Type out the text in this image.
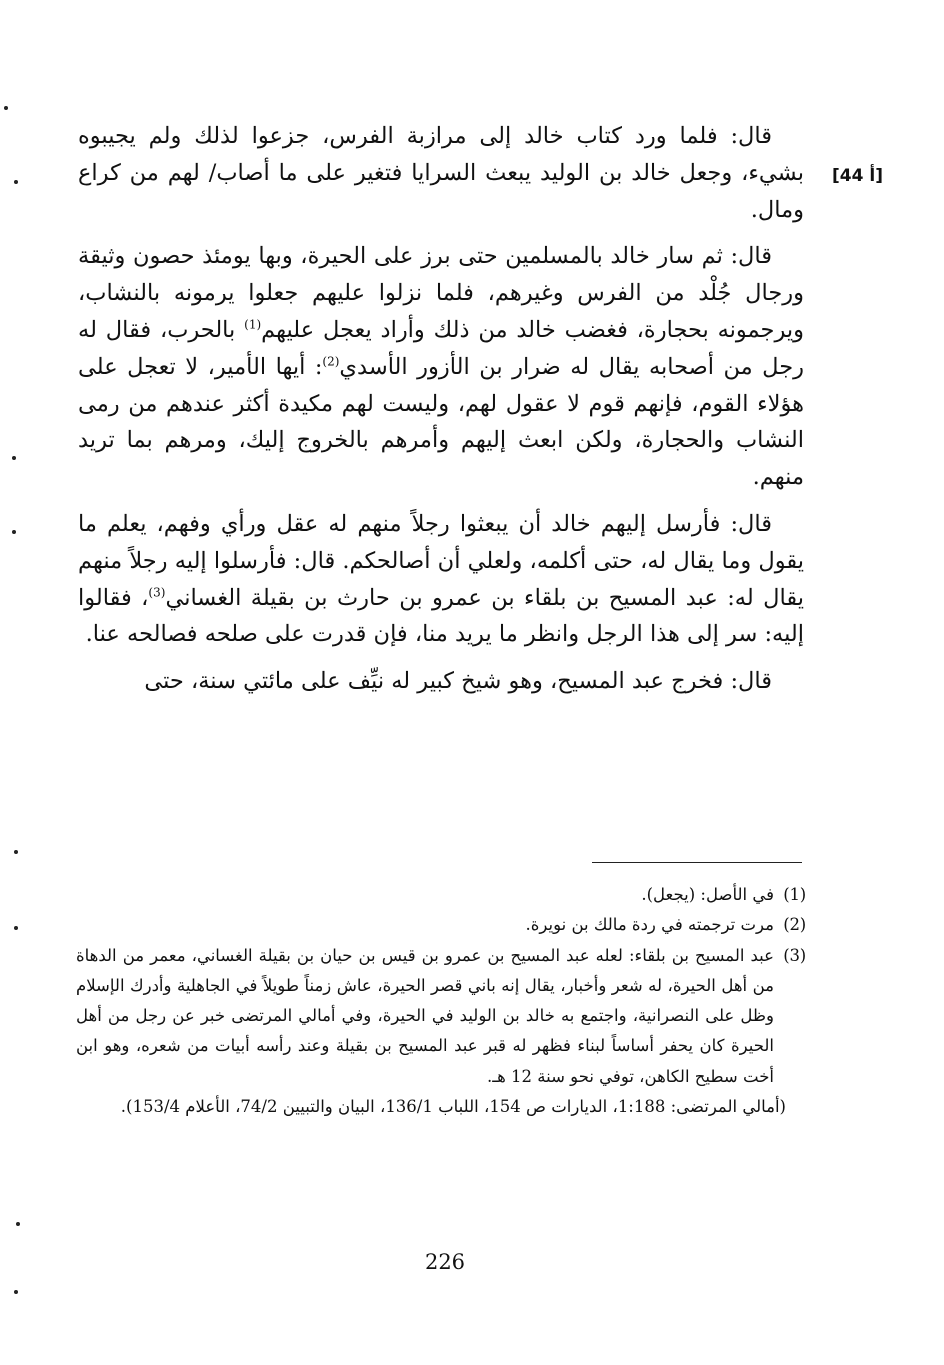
[44 أ]

قال: فلما ورد كتاب خالد إلى مرازبة الفرس، جزعوا لذلك ولم يجيبوه بشيء، وجعل خالد بن الوليد يبعث السرايا فتغير على ما أصاب/ لهم من كراع ومال.

قال: ثم سار خالد بالمسلمين حتى برز على الحيرة، وبها يومئذ حصون وثيقة ورجال جُلْد من الفرس وغيرهم، فلما نزلوا عليهم جعلوا يرمونه بالنشاب، ويرجمونه بحجارة، فغضب خالد من ذلك وأراد يعجل عليهم$^{(1)}$ بالحرب، فقال له رجل من أصحابه يقال له ضرار بن الأزور الأسدي$^{(2)}$: أيها الأمير، لا تعجل على هؤلاء القوم، فإنهم قوم لا عقول لهم، وليست لهم مكيدة أكثر عندهم من رمى النشاب والحجارة، ولكن ابعث إليهم وأمرهم بالخروج إليك، ومرهم بما تريد منهم.

قال: فأرسل إليهم خالد أن يبعثوا رجلاً منهم له عقل ورأي وفهم، يعلم ما يقول وما يقال له، حتى أكلمه، ولعلي أن أصالحكم. قال: فأرسلوا إليه رجلاً منهم يقال له: عبد المسيح بن بلقاء بن عمرو بن حارث بن بقيلة الغساني$^{(3)}$، فقالوا إليه: سر إلى هذا الرجل وانظر ما يريد منا، فإن قدرت على صلحه فصالحه عنا.

قال: فخرج عبد المسيح، وهو شيخ كبير له نيِّف على مائتي سنة، حتى

(1)في الأصل: (يجعل).

(2)مرت ترجمته في ردة مالك بن نويرة.

(3)عبد المسيح بن بلقاء: لعله عبد المسيح بن عمرو بن قيس بن حيان بن بقيلة الغساني، معمر من الدهاة من أهل الحيرة، له شعر وأخبار، يقال إنه باني قصر الحيرة، عاش زمناً طويلاً في الجاهلية وأدرك الإسلام وظل على النصرانية، واجتمع به خالد بن الوليد في الحيرة، وفي أمالي المرتضى خبر عن رجل من أهل الحيرة كان يحفر أساساً لبناء فظهر له قبر عبد المسيح بن بقيلة وعند رأسه أبيات من شعره، وهو ابن أخت سطيح الكاهن، توفي نحو سنة 12 هـ.

(أمالي المرتضى: 1:188، الديارات ص 154، اللباب 136/1، البيان والتبيين 74/2، الأعلام 153/4).

226
